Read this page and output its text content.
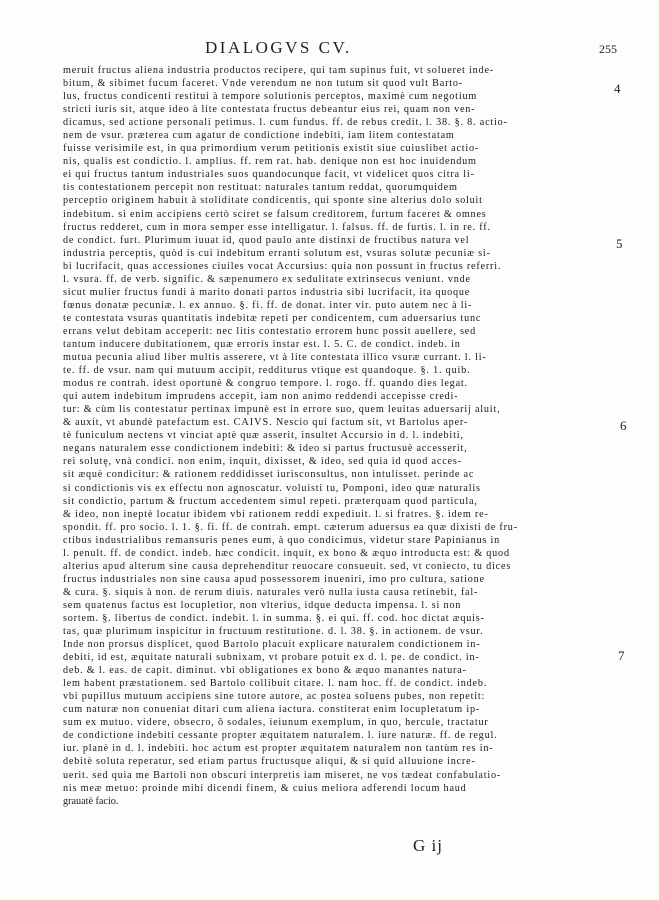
DIALOGVS CV.	255
meruit fructus aliena industria productos recipere, qui tam supinus fuit, vt solueret inde-
bitum, & sibimet fucum faceret. Vnde verendum ne non tutum sit quod vult Barto-
lus, fructus condicenti restitui à tempore solutionis perceptos, maximè cum negotium
stricti iuris sit, atque ideo à lite contestata fructus debeantur eius rei, quam non ven-
dicamus, sed actione personali petimus. l. cum fundus. ff. de rebus credit. l. 38. §. 8. actio-
nem de vsur. præterea cum agatur de condictione indebiti, iam litem contestatam
fuisse verisimile est, in qua primordium verum petitionis existit siue cuiuslibet actio-
nis, qualis est condictio. l. amplius. ff. rem rat. hab. denique non est hoc inuidendum
ei qui fructus tantum industriales suos quandocunque facit, vt videlicet quos citra li-
tis contestationem percepit non restituat: naturales tantum reddat, quorumquidem
perceptio originem habuit à stoliditate condicentis, qui sponte sine alterius dolo soluit
indebitum. si enim accipiens certò sciret se falsum creditorem, furtum faceret & omnes
fructus redderet, cum in mora semper esse intelligatur. l. falsus. ff. de furtis. l. in re. ff.
de condict. furt. Plurimum iuuat id, quod paulo ante distinxi de fructibus natura vel
industria perceptis, quòd is cui indebitum erranti solutum est, vsuras solutæ pecuniæ si-
bi lucrifacit, quas accessiones ciuiles vocat Accursius: quia non possunt in fructus referri.
l. vsura. ff. de verb. signific. & sæpenumero ex sedulitate extrinsecus veniunt. vnde
sicut mulier fructus fundi à marito donati partos industria sibi lucrifacit, ita quoque
fœnus donatæ pecuniæ. l. ex annuo. §. fi. ff. de donat. inter vir. puto autem nec à li-
te contestata vsuras quantitatis indebitæ repeti per condicentem, cum aduersarius tunc
errans velut debitam acceperit: nec litis contestatio errorem hunc possit auellere, sed
tantum inducere dubitationem, quæ erroris instar est. l. 5. C. de condict. indeb. in
mutua pecunia aliud liber multis asserere, vt à lite contestata illico vsuræ currant. l. li-
te. ff. de vsur. nam qui mutuum accipit, redditurus vtique est quandoque. §. 1. quib.
modus re contrah. idest oportunè & congruo tempore. l. rogo. ff. quando dies legat.
qui autem indebitum imprudens accepit, iam non animo reddendi accepisse credi-
tur: & cùm lis contestatur pertinax impunè est in errore suo, quem leuitas aduersarij aluit,
& auxit, vt abundè patefactum est. CAIVS. Nescio qui factum sit, vt Bartolus aper-
tè funiculum nectens vt vinciat aptè quæ asserit, insultet Accursio in d. l. indebiti,
negans naturalem esse condictionem indebiti: & ideo si partus fructusuè accesserit,
rei solutę, vnà condici. non enim, inquit, dixisset, & ideo, sed quia id quod acces-
sit æquè condicitur: & rationem reddidisset iurisconsultus, non intulisset. perinde ac
si condictionis vis ex effectu non agnoscatur. voluisti tu, Pomponi, ideo quæ naturalis
sit condictio, partum & fructum accedentem simul repeti. præterquam quod particula,
& ideo, non ineptè locatur ibidem vbi rationem reddi expediuit. l. si fratres. §. idem re-
spondit. ff. pro socio. l. 1. §. fi. ff. de contrah. empt. cæterum aduersus ea quæ dixisti de fru-
ctibus industrialibus remansuris penes eum, à quo condicimus, videtur stare Papinianus in
l. penult. ff. de condict. indeb. hæc condicit. inquit, ex bono & æquo introducta est: & quod
alterius apud alterum sine causa deprehenditur reuocare consueuit. sed, vt coniecto, tu dices
fructus industriales non sine causa apud possessorem inueniri, imo pro cultura, satione
& cura. §. siquis à non. de rerum diuis. naturales verò nulla iusta causa retinebit, fal-
sem quatenus factus est locupletior, non vlterius, idque deducta impensa. l. si non
sortem. §. libertus de condict. indebit. l. in summa. §. ei qui. ff. cod. hoc dictat æquis-
tas, quæ plurimum inspicitur in fructuum restitutione. d. l. 38. §. in actionem. de vsur.
Inde non prorsus displicet, quod Bartolo placuit explicare naturalem condictionem in-
debiti, id est, æquitate naturali subnixam, vt probare potuit ex d. l. pe. de condict. in-
deb. & l. eas. de capit. diminut. vbi obligationes ex bono & æquo manantes natura-
lem habent præstationem. sed Bartolo collibuit citare. l. nam hoc. ff. de condict. indeb.
vbi pupillus mutuum accipiens sine tutore autore, ac postea soluens pubes, non repetit:
cum naturæ non conueniat ditari cum aliena iactura. constiterat enim locupletatum ip-
sum ex mutuo. videre, obsecro, ô sodales, ieiunum exemplum, in quo, hercule, tractatur
de condictione indebiti cessante propter æquitatem naturalem. l. iure naturæ. ff. de regul.
iur. planè in d. l. indebiti. hoc actum est propter æquitatem naturalem non tantùm res in-
debitè soluta reperatur, sed etiam partus fructusque aliqui, & si quid alluuione incre-
uerit. sed quia me Bartoli non obscuri interpretis iam miseret, ne vos tædeat confabulatio-
nis meæ metuo: proinde mihi dicendi finem, & cuius meliora adferendi locum haud
grauatè facio.
4
5
6
7
G ij
